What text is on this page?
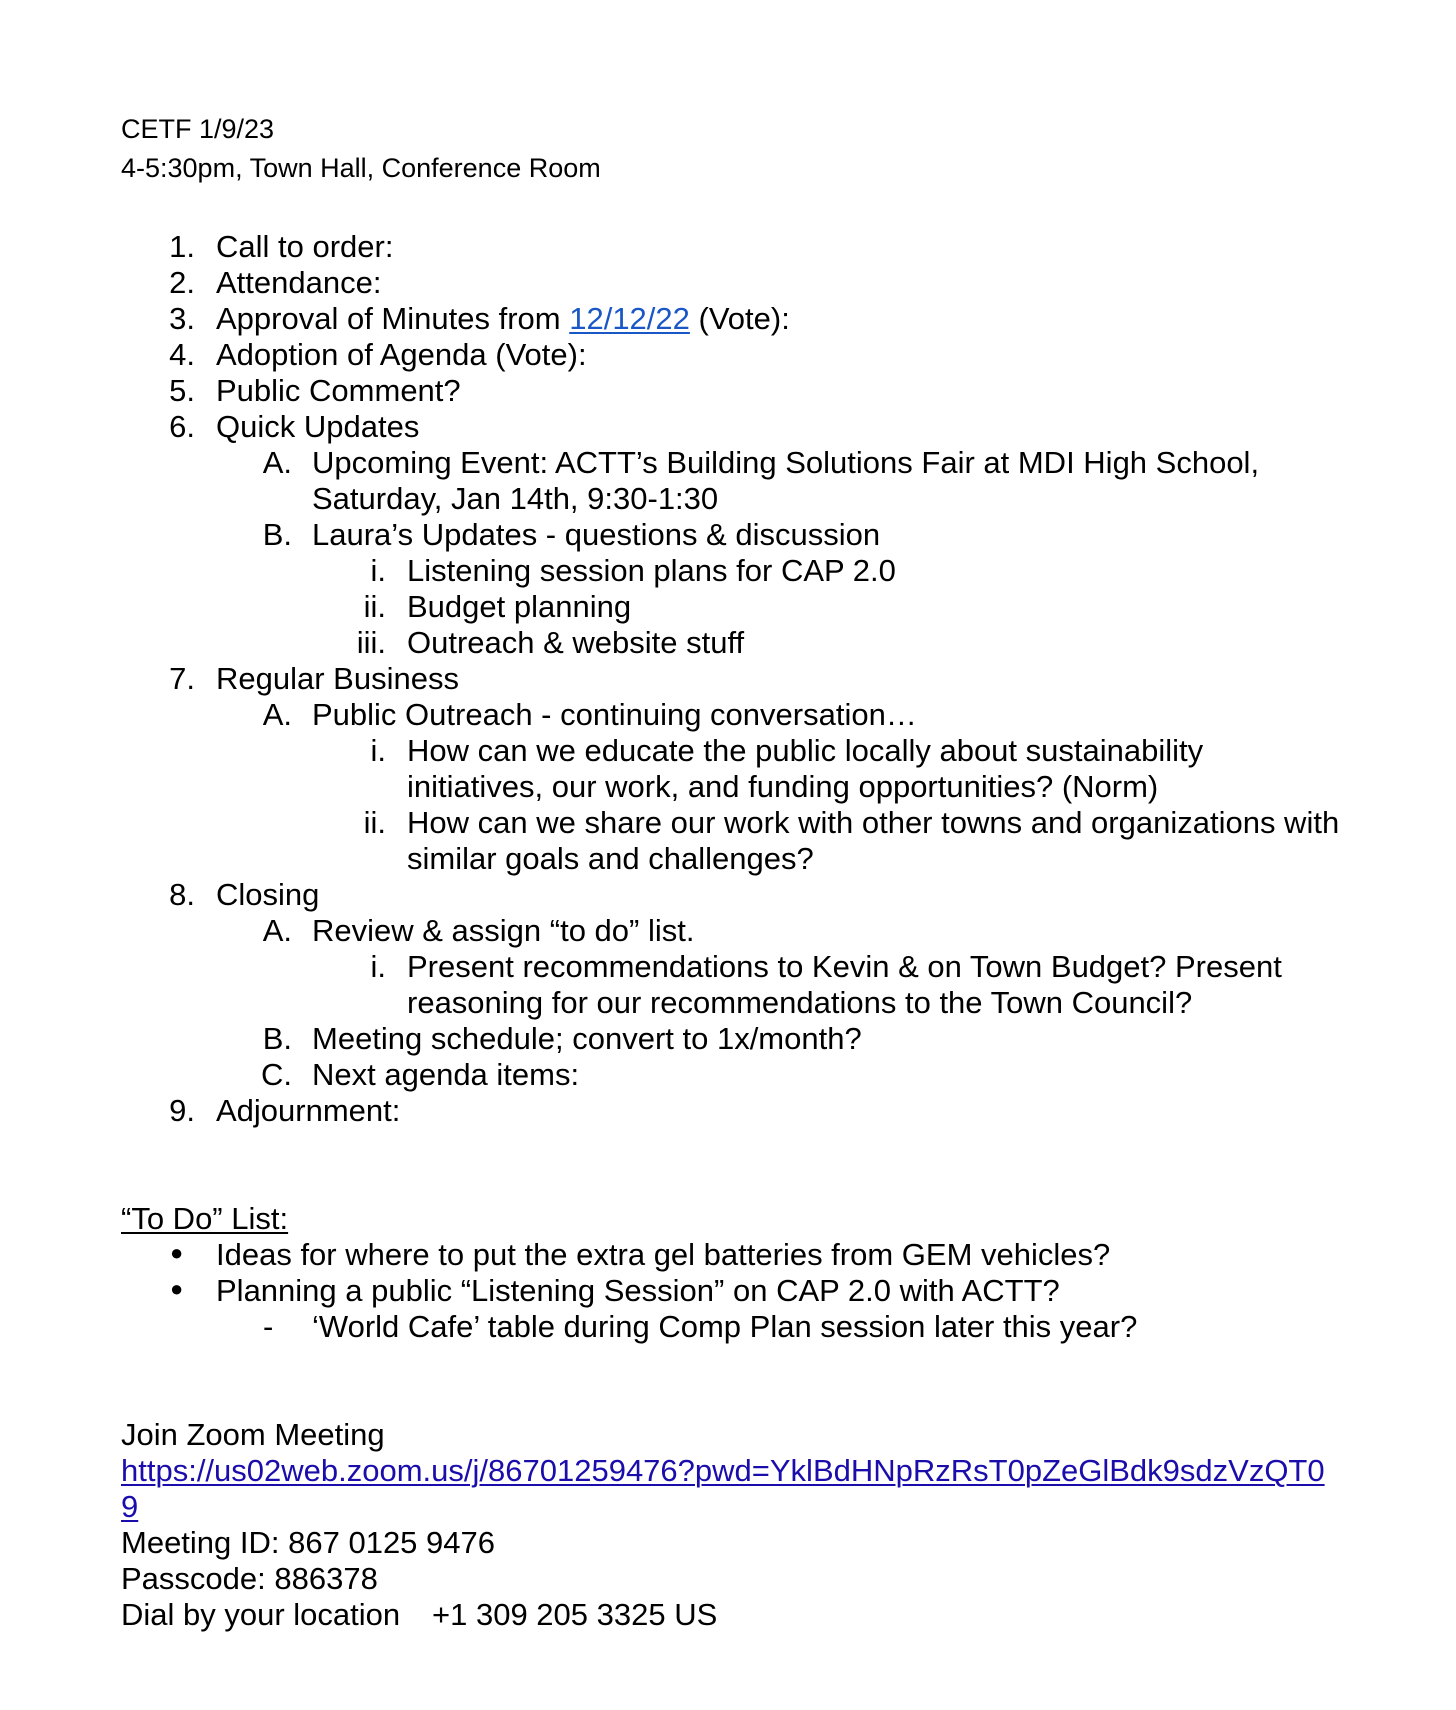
CETF 1/9/23
4-5:30pm, Town Hall, Conference Room
1. Call to order:
2. Attendance:
3. Approval of Minutes from 12/12/22 (Vote):
4. Adoption of Agenda (Vote):
5. Public Comment?
6. Quick Updates
A. Upcoming Event: ACTT’s Building Solutions Fair at MDI High School,
Saturday, Jan 14th, 9:30-1:30
B. Laura’s Updates - questions & discussion
i. Listening session plans for CAP 2.0
ii. Budget planning
iii. Outreach & website stuff
7. Regular Business
A. Public Outreach - continuing conversation…
i. How can we educate the public locally about sustainability
initiatives, our work, and funding opportunities? (Norm)
ii. How can we share our work with other towns and organizations with
similar goals and challenges?
8. Closing
A. Review & assign “to do” list.
i. Present recommendations to Kevin & on Town Budget? Present
reasoning for our recommendations to the Town Council?
B. Meeting schedule; convert to 1x/month?
C. Next agenda items:
9. Adjournment:
“To Do” List:
● Ideas for where to put the extra gel batteries from GEM vehicles?
● Planning a public “Listening Session” on CAP 2.0 with ACTT?
- ‘World Cafe’ table during Comp Plan session later this year?
Join Zoom Meeting
https://us02web.zoom.us/j/86701259476?pwd=YklBdHNpRzRsT0pZeGlBdk9sdzVzQT0
9
Meeting ID: 867 0125 9476
Passcode: 886378
Dial by your location +1 309 205 3325 US
